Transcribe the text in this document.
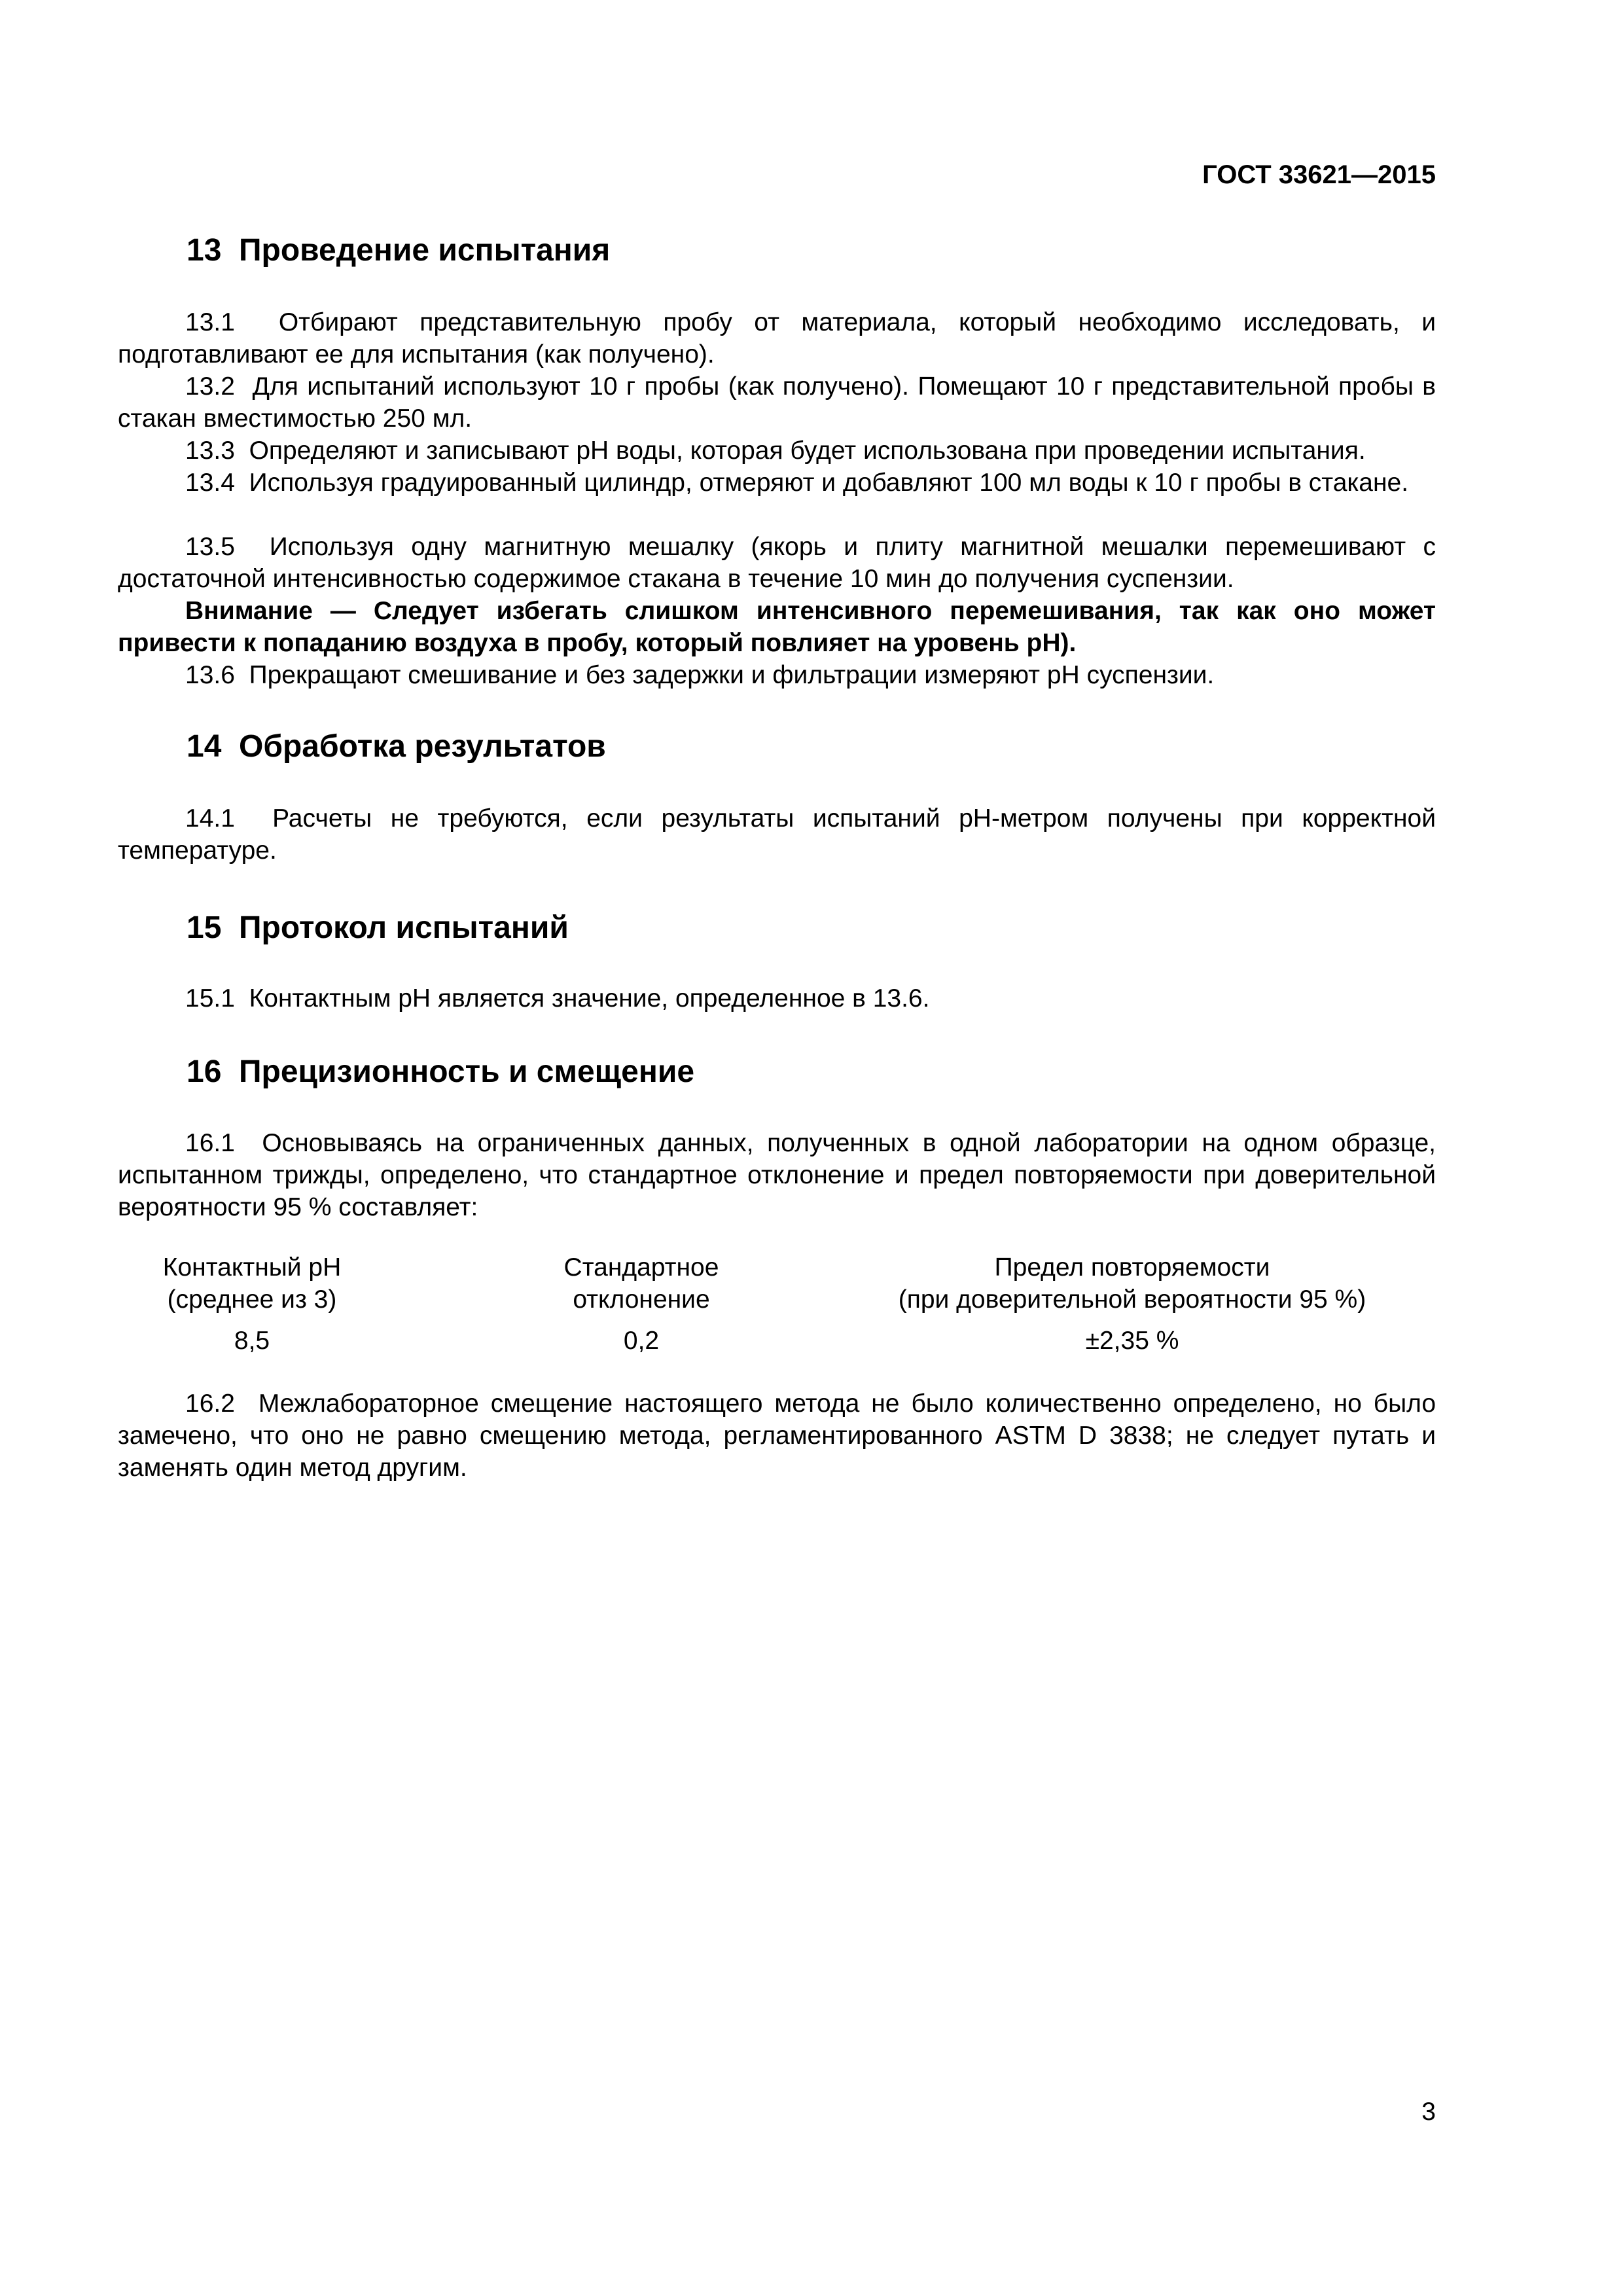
ГОСТ 33621—2015
13 Проведение испытания

13.1 Отбирают представительную пробу от материала, который необходимо исследовать, и подготавливают ее для испытания (как получено).

13.2 Для испытаний используют 10 г пробы (как получено). Помещают 10 г представительной пробы в стакан вместимостью 250 мл.

13.3 Определяют и записывают pH воды, которая будет использована при проведении испытания.

13.4 Используя градуированный цилиндр, отмеряют и добавляют 100 мл воды к 10 г пробы в стакане.

13.5 Используя одну магнитную мешалку (якорь и плиту магнитной мешалки перемешивают с достаточной интенсивностью содержимое стакана в течение 10 мин до получения суспензии.

Внимание — Следует избегать слишком интенсивного перемешивания, так как оно может привести к попаданию воздуха в пробу, который повлияет на уровень pH).

13.6 Прекращают смешивание и без задержки и фильтрации измеряют pH суспензии.

14 Обработка результатов

14.1 Расчеты не требуются, если результаты испытаний pH-метром получены при корректной температуре.

15 Протокол испытаний

15.1 Контактным pH является значение, определенное в 13.6.

16 Прецизионность и смещение

16.1 Основываясь на ограниченных данных, полученных в одной лаборатории на одном образце, испытанном трижды, определено, что стандартное отклонение и предел повторяемости при доверительной вероятности 95 % составляет:

Контактный pH
(среднее из 3)
8,5
Стандартное
отклонение
0,2
Предел повторяемости
(при доверительной вероятности 95 %)
±2,35 %

16.2 Межлабораторное смещение настоящего метода не было количественно определено, но было замечено, что оно не равно смещению метода, регламентированного ASTM D 3838; не следует путать и заменять один метод другим.

3
